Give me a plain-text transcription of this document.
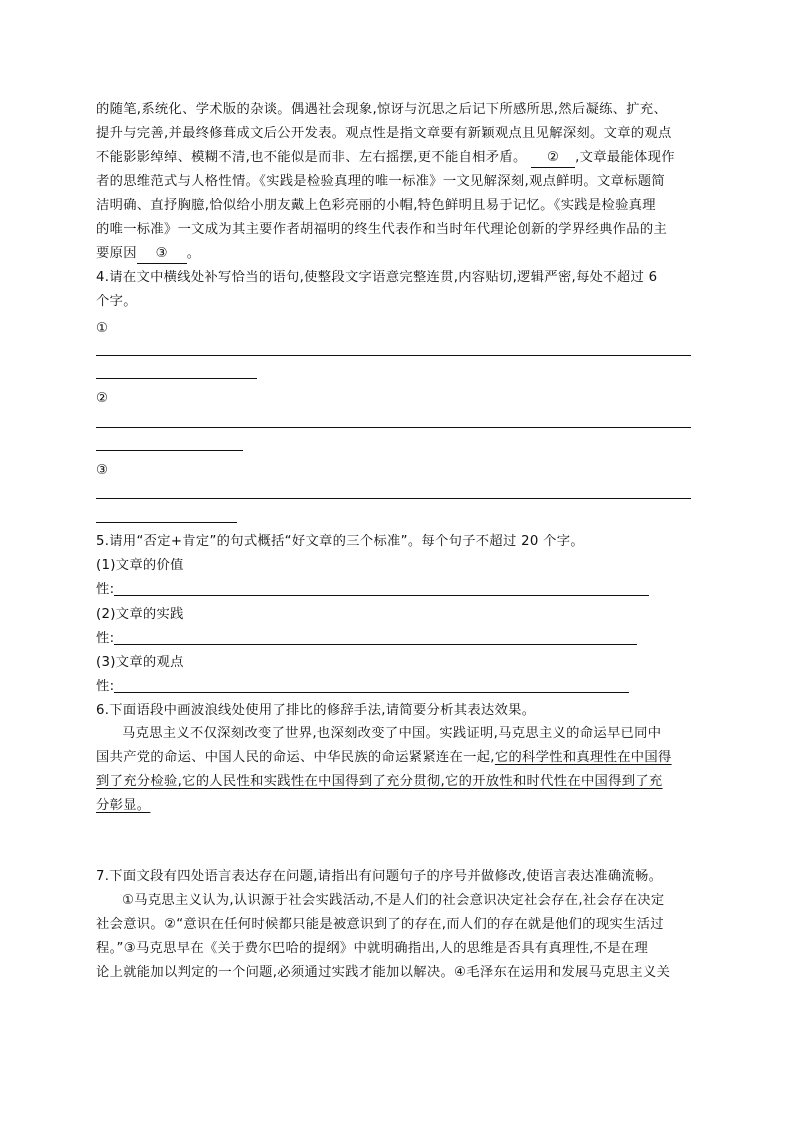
的随笔,系统化、学术版的杂谈。偶遇社会现象,惊讶与沉思之后记下所感所思,然后凝练、扩充、
提升与完善,并最终修葺成文后公开发表。观点性是指文章要有新颖观点且见解深刻。文章的观点
不能影影绰绰、模糊不清,也不能似是而非、左右摇摆,更不能自相矛盾。 ② ,文章最能体现作
者的思维范式与人格性情。《实践是检验真理的唯一标准》一文见解深刻,观点鲜明。文章标题简
洁明确、直抒胸臆,恰似给小朋友戴上色彩亮丽的小帽,特色鲜明且易于记忆。《实践是检验真理
的唯一标准》一文成为其主要作者胡福明的终生代表作和当时年代理论创新的学界经典作品的主
要原因 ③ 。
4.请在文中横线处补写恰当的语句,使整段文字语意完整连贯,内容贴切,逻辑严密,每处不超过 6
个字。
①
②
③
5.请用“否定+肯定”的句式概括“好文章的三个标准”。每个句子不超过 20 个字。
(1)文章的价值
性:
(2)文章的实践
性:
(3)文章的观点
性:
6.下面语段中画波浪线处使用了排比的修辞手法,请简要分析其表达效果。
马克思主义不仅深刻改变了世界,也深刻改变了中国。实践证明,马克思主义的命运早已同中
国共产党的命运、中国人民的命运、中华民族的命运紧紧连在一起,它的科学性和真理性在中国得
到了充分检验,它的人民性和实践性在中国得到了充分贯彻,它的开放性和时代性在中国得到了充
分彰显。
7.下面文段有四处语言表达存在问题,请指出有问题句子的序号并做修改,使语言表达准确流畅。
①马克思主义认为,认识源于社会实践活动,不是人们的社会意识决定社会存在,社会存在决定
社会意识。②“意识在任何时候都只能是被意识到了的存在,而人们的存在就是他们的现实生活过
程。”③马克思早在《关于费尔巴哈的提纲》中就明确指出,人的思维是否具有真理性,不是在理
论上就能加以判定的一个问题,必须通过实践才能加以解决。④毛泽东在运用和发展马克思主义关
